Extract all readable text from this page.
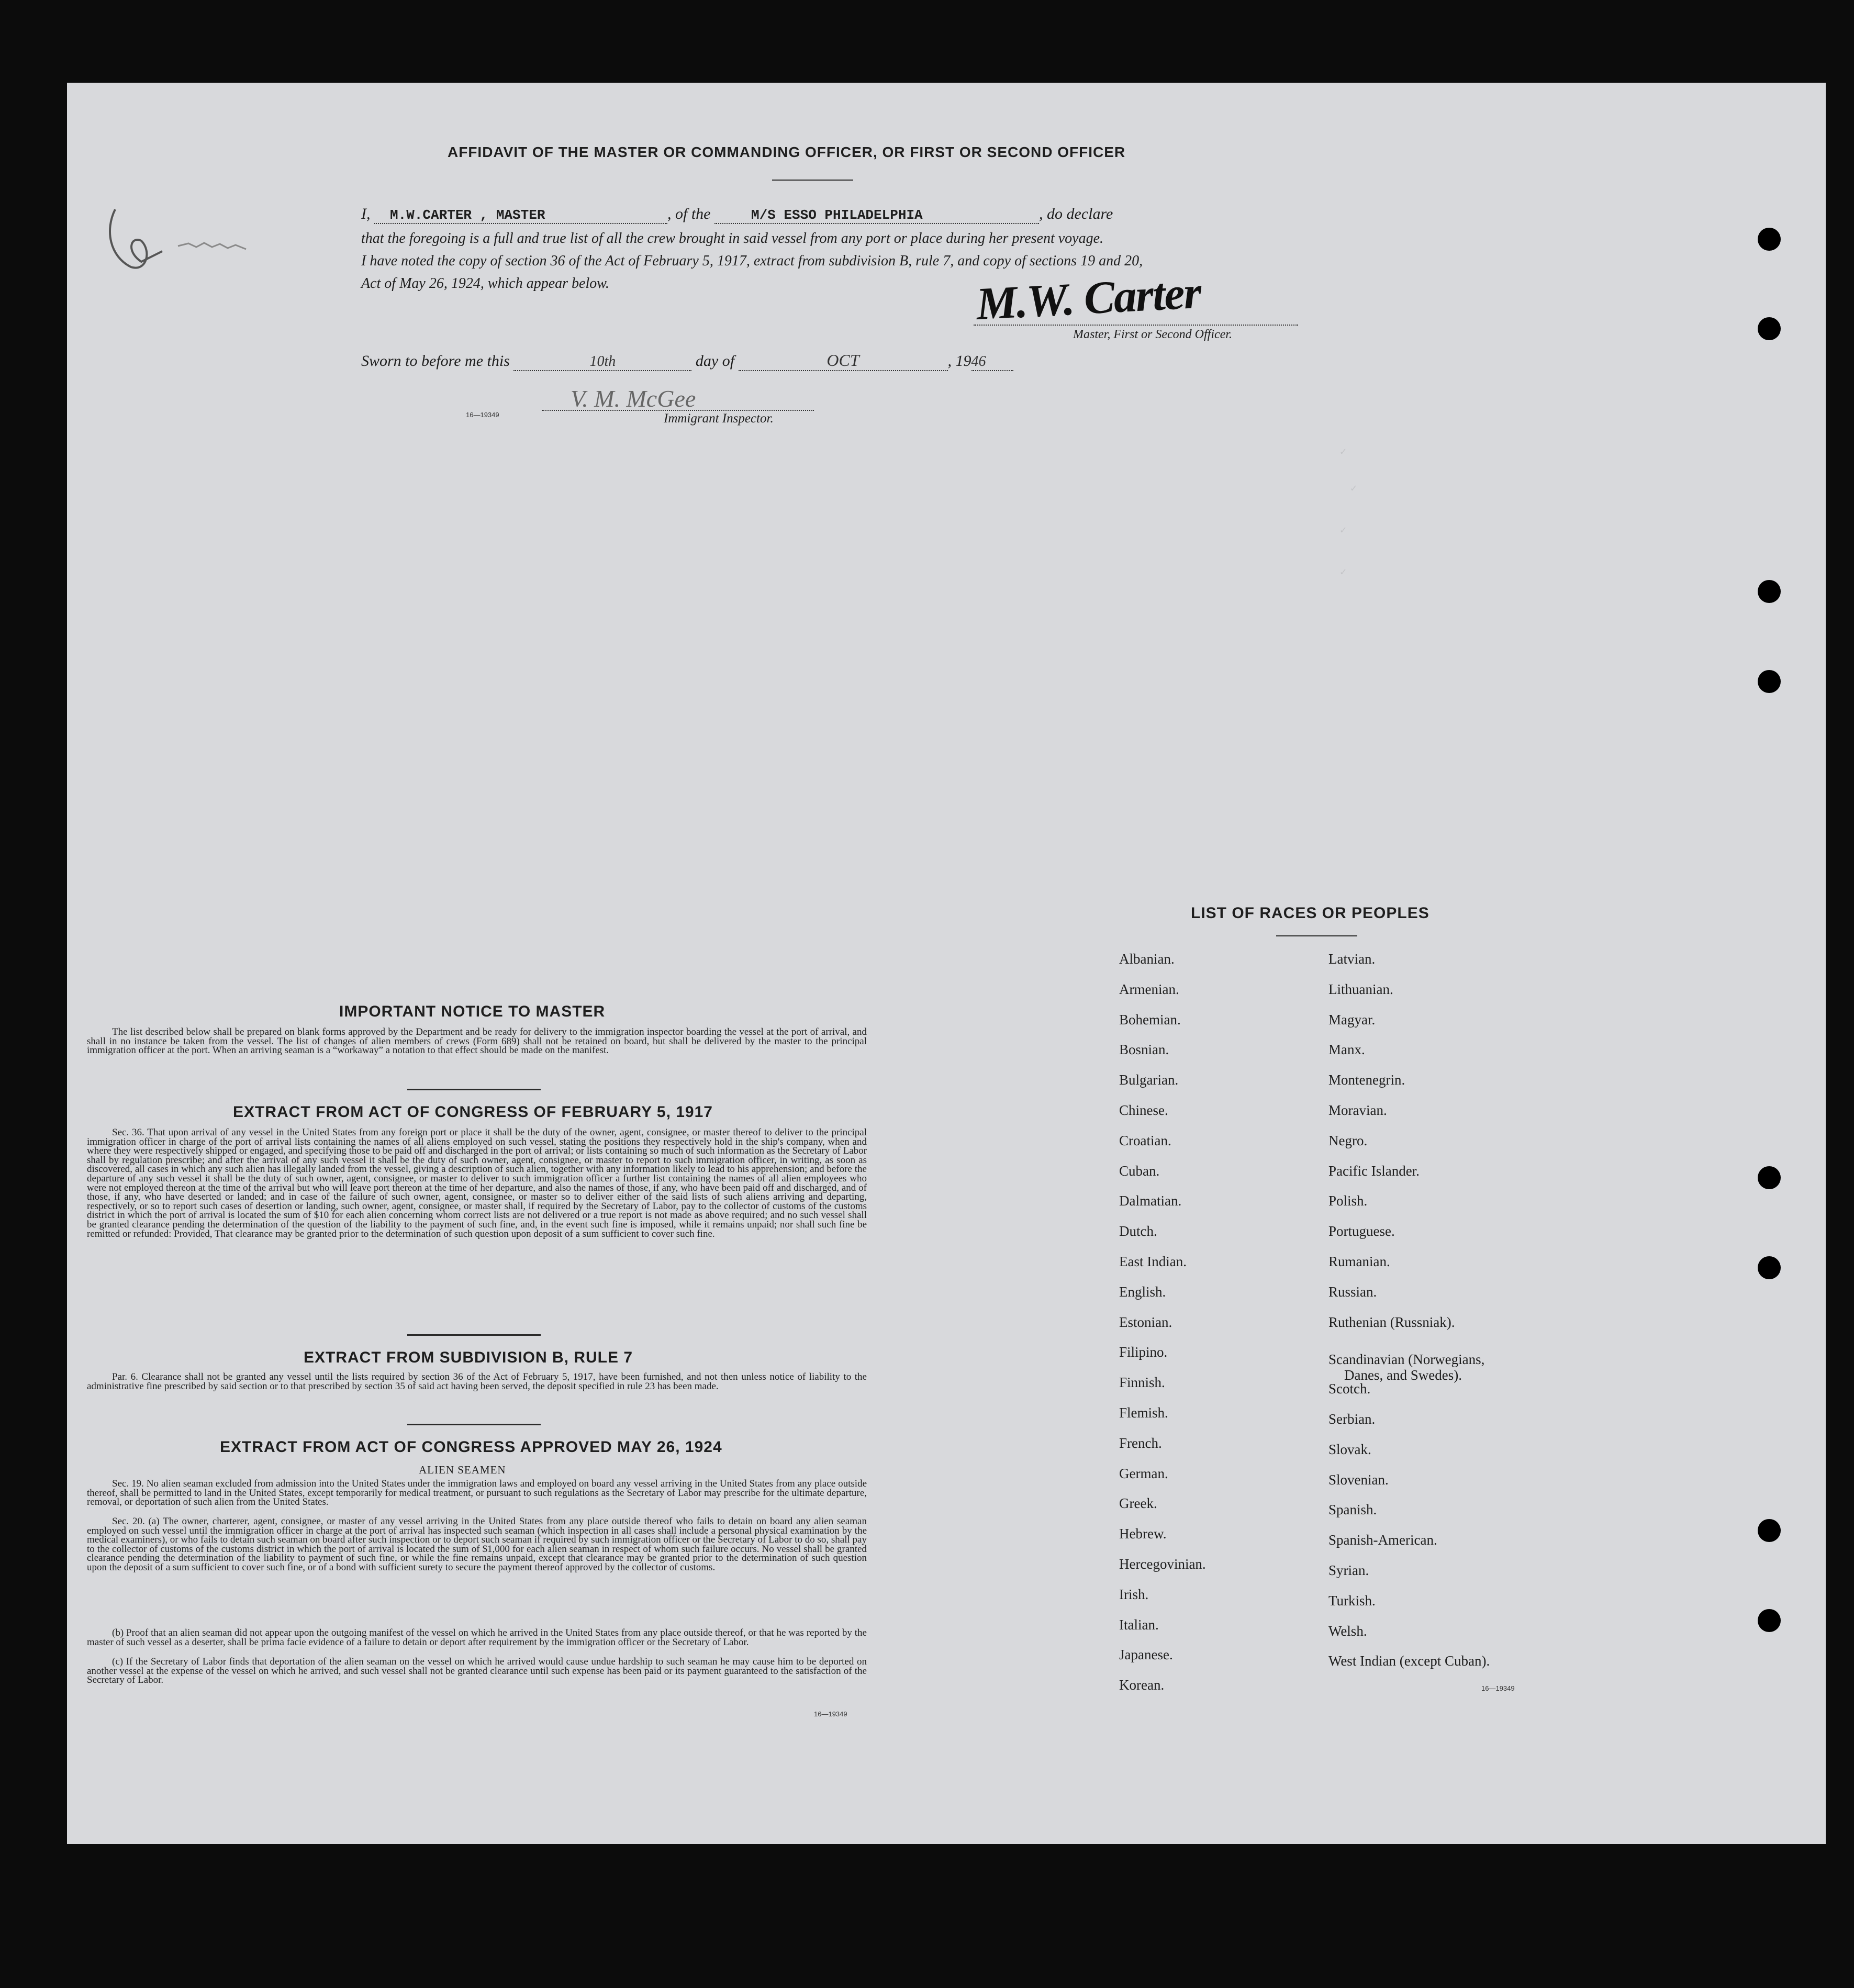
✓
✓
✓
✓
AFFIDAVIT OF THE MASTER OR COMMANDING OFFICER, OR FIRST OR SECOND OFFICER
I, M.W.CARTER , MASTER	, of the	M/S ESSO PHILADELPHIA	, do declare
that the foregoing is a full and true list of all the crew brought in said vessel from any port or place during her present voyage.
I have noted the copy of section 36 of the Act of February 5, 1917, extract from subdivision B, rule 7, and copy of sections 19 and 20,
Act of May 26, 1924, which appear below.	M.W. Carter
Master, First or Second Officer.
Sworn to before me this	10th	day of	OCT	, 1946
16—19349
V. M. McGee
Immigrant Inspector.
IMPORTANT NOTICE TO MASTER
The list described below shall be prepared on blank forms approved by the Department and be ready for delivery to the immigration inspector boarding the vessel at the port of arrival, and shall in no instance be taken from the vessel. The list of changes of alien members of crews (Form 689) shall not be retained on board, but shall be delivered by the master to the principal immigration officer at the port. When an arriving seaman is a “workaway” a notation to that effect should be made on the manifest.
EXTRACT FROM ACT OF CONGRESS OF FEBRUARY 5, 1917
Sec. 36. That upon arrival of any vessel in the United States from any foreign port or place it shall be the duty of the owner, agent, consignee, or master thereof to deliver to the principal immigration officer in charge of the port of arrival lists containing the names of all aliens employed on such vessel, stating the positions they respectively hold in the ship's company, when and where they were respectively shipped or engaged, and specifying those to be paid off and discharged in the port of arrival; or lists containing so much of such information as the Secretary of Labor shall by regulation prescribe; and after the arrival of any such vessel it shall be the duty of such owner, agent, consignee, or master to report to such immigration officer, in writing, as soon as discovered, all cases in which any such alien has illegally landed from the vessel, giving a description of such alien, together with any information likely to lead to his apprehension; and before the departure of any such vessel it shall be the duty of such owner, agent, consignee, or master to deliver to such immigration officer a further list containing the names of all alien employees who were not employed thereon at the time of the arrival but who will leave port thereon at the time of her departure, and also the names of those, if any, who have been paid off and discharged, and of those, if any, who have deserted or landed; and in case of the failure of such owner, agent, consignee, or master so to deliver either of the said lists of such aliens arriving and departing, respectively, or so to report such cases of desertion or landing, such owner, agent, consignee, or master shall, if required by the Secretary of Labor, pay to the collector of customs of the customs district in which the port of arrival is located the sum of $10 for each alien concerning whom correct lists are not delivered or a true report is not made as above required; and no such vessel shall be granted clearance pending the determination of the question of the liability to the payment of such fine, and, in the event such fine is imposed, while it remains unpaid; nor shall such fine be remitted or refunded: Provided, That clearance may be granted prior to the determination of such question upon deposit of a sum sufficient to cover such fine.
EXTRACT FROM SUBDIVISION B, RULE 7
Par. 6. Clearance shall not be granted any vessel until the lists required by section 36 of the Act of February 5, 1917, have been furnished, and not then unless notice of liability to the administrative fine prescribed by said section or to that prescribed by section 35 of said act having been served, the deposit specified in rule 23 has been made.
EXTRACT FROM ACT OF CONGRESS APPROVED MAY 26, 1924
ALIEN SEAMEN
Sec. 19. No alien seaman excluded from admission into the United States under the immigration laws and employed on board any vessel arriving in the United States from any place outside thereof, shall be permitted to land in the United States, except temporarily for medical treatment, or pursuant to such regulations as the Secretary of Labor may prescribe for the ultimate departure, removal, or deportation of such alien from the United States.
Sec. 20. (a) The owner, charterer, agent, consignee, or master of any vessel arriving in the United States from any place outside thereof who fails to detain on board any alien seaman employed on such vessel until the immigration officer in charge at the port of arrival has inspected such seaman (which inspection in all cases shall include a personal physical examination by the medical examiners), or who fails to detain such seaman on board after such inspection or to deport such seaman if required by such immigration officer or the Secretary of Labor to do so, shall pay to the collector of customs of the customs district in which the port of arrival is located the sum of $1,000 for each alien seaman in respect of whom such failure occurs. No vessel shall be granted clearance pending the determination of the liability to payment of such fine, or while the fine remains unpaid, except that clearance may be granted prior to the determination of such question upon the deposit of a sum sufficient to cover such fine, or of a bond with sufficient surety to secure the payment thereof approved by the collector of customs.
(b) Proof that an alien seaman did not appear upon the outgoing manifest of the vessel on which he arrived in the United States from any place outside thereof, or that he was reported by the master of such vessel as a deserter, shall be prima facie evidence of a failure to detain or deport after requirement by the immigration officer or the Secretary of Labor.
(c) If the Secretary of Labor finds that deportation of the alien seaman on the vessel on which he arrived would cause undue hardship to such seaman he may cause him to be deported on another vessel at the expense of the vessel on which he arrived, and such vessel shall not be granted clearance until such expense has been paid or its payment guaranteed to the satisfaction of the Secretary of Labor.
16—19349
LIST OF RACES OR PEOPLES
Albanian.
Armenian.
Bohemian.
Bosnian.
Bulgarian.
Chinese.
Croatian.
Cuban.
Dalmatian.
Dutch.
East Indian.
English.
Estonian.
Filipino.
Finnish.
Flemish.
French.
German.
Greek.
Hebrew.
Hercegovinian.
Irish.
Italian.
Japanese.
Korean.
Latvian.
Lithuanian.
Magyar.
Manx.
Montenegrin.
Moravian.
Negro.
Pacific Islander.
Polish.
Portuguese.
Rumanian.
Russian.
Ruthenian (Russniak).
Scandinavian (Norwegians,
Danes, and Swedes).
Scotch.
Serbian.
Slovak.
Slovenian.
Spanish.
Spanish-American.
Syrian.
Turkish.
Welsh.
West Indian (except Cuban).
16—19349
